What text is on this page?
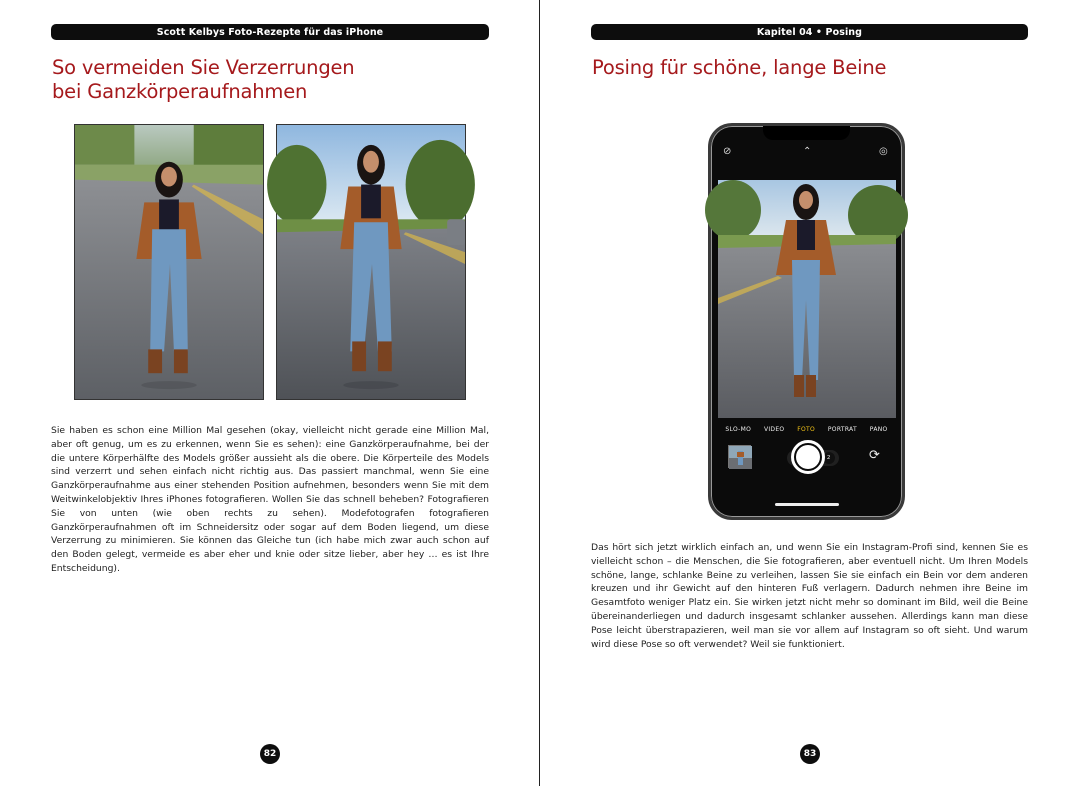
Scott Kelbys Foto-Rezepte für das iPhone
So vermeiden Sie Verzerrungen
bei Ganzkörperaufnahmen

Sie haben es schon eine Million Mal gesehen (okay, vielleicht nicht gerade eine Million Mal, aber oft genug, um es zu erkennen, wenn Sie es sehen): eine Ganzkörperaufnahme, bei der die untere Körperhälfte des Models größer aussieht als die obere. Die Körperteile des Models sind verzerrt und sehen einfach nicht richtig aus. Das passiert manchmal, wenn Sie eine Ganzkörperaufnahme aus einer stehenden Position aufnehmen, besonders wenn Sie mit dem Weitwinkelobjektiv Ihres iPhones fotografieren. Wollen Sie das schnell beheben? Fotografieren Sie von unten (wie oben rechts zu sehen). Modefotografen fotografieren Ganzkörperaufnahmen oft im Schneidersitz oder sogar auf dem Boden liegend, um diese Verzerrung zu minimieren. Sie können das Gleiche tun (ich habe mich zwar auch schon auf den Boden gelegt, vermeide es aber eher und knie oder sitze lieber, aber hey … es ist Ihre Entscheidung).

82
Kapitel 04 • Posing
Posing für schöne, lange Beine
⊘	⌃	◎
2
SLO-MO VIDEO FOTO PORTRAT PANO
⟳

Das hört sich jetzt wirklich einfach an, und wenn Sie ein Instagram-Profi sind, kennen Sie es vielleicht schon – die Menschen, die Sie fotografieren, aber eventuell nicht. Um Ihren Models schöne, lange, schlanke Beine zu verleihen, lassen Sie sie einfach ein Bein vor dem anderen kreuzen und ihr Gewicht auf den hinteren Fuß verlagern. Dadurch nehmen ihre Beine im Gesamtfoto weniger Platz ein. Sie wirken jetzt nicht mehr so dominant im Bild, weil die Beine übereinanderliegen und dadurch insgesamt schlanker aussehen. Allerdings kann man diese Pose leicht überstrapazieren, weil man sie vor allem auf Instagram so oft sieht. Und warum wird diese Pose so oft verwendet? Weil sie funktioniert.

83
